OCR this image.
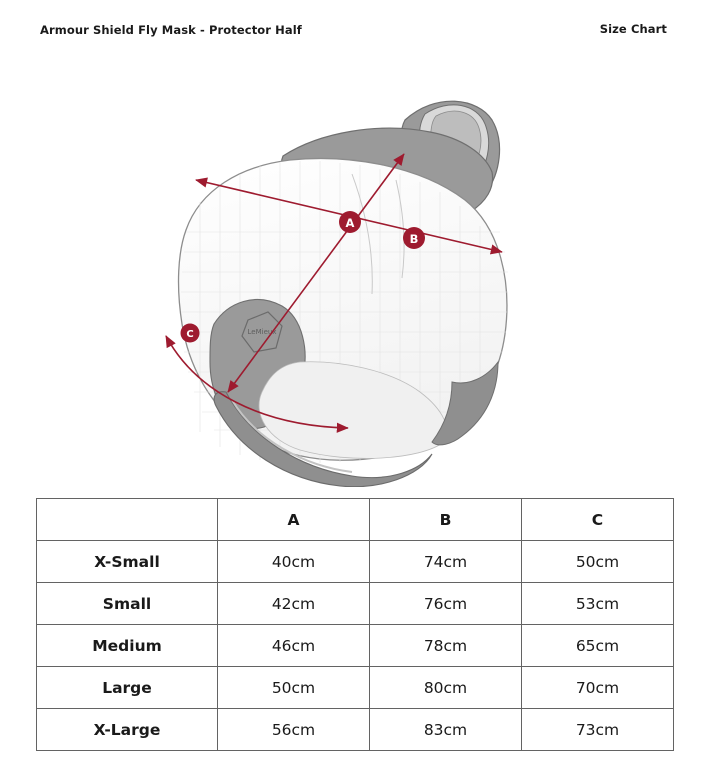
Armour Shield Fly Mask - Protector Half	Size Chart
LeMieux
A
B
C
	A	B	C
X-Small	40cm	74cm	50cm
Small	42cm	76cm	53cm
Medium	46cm	78cm	65cm
Large	50cm	80cm	70cm
X-Large	56cm	83cm	73cm
